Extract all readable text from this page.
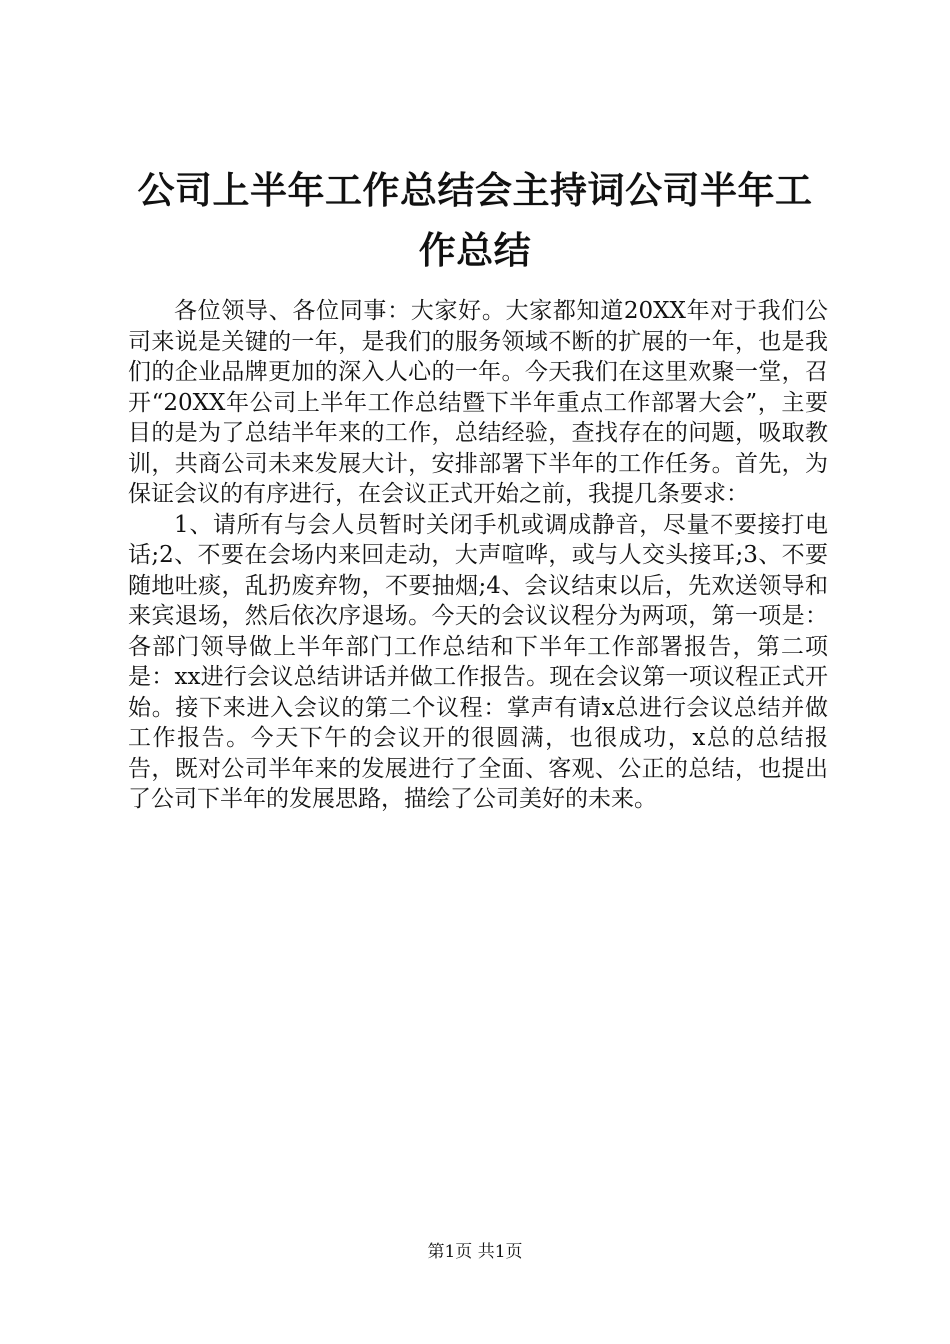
公司上半年工作总结会主持词公司半年工作总结

各位领导、各位同事：大家好。大家都知道20XX年对于我们公司来说是关键的一年，是我们的服务领域不断的扩展的一年，也是我们的企业品牌更加的深入人心的一年。今天我们在这里欢聚一堂，召开“20XX年公司上半年工作总结暨下半年重点工作部署大会”，主要目的是为了总结半年来的工作，总结经验，查找存在的问题，吸取教训，共商公司未来发展大计，安排部署下半年的工作任务。首先，为保证会议的有序进行，在会议正式开始之前，我提几条要求：

1、请所有与会人员暂时关闭手机或调成静音，尽量不要接打电话;2、不要在会场内来回走动，大声喧哗，或与人交头接耳;3、不要随地吐痰，乱扔废弃物，不要抽烟;4、会议结束以后，先欢送领导和来宾退场，然后依次序退场。今天的会议议程分为两项，第一项是：各部门领导做上半年部门工作总结和下半年工作部署报告，第二项是：xx进行会议总结讲话并做工作报告。现在会议第一项议程正式开始。接下来进入会议的第二个议程：掌声有请x总进行会议总结并做工作报告。今天下午的会议开的很圆满，也很成功，x总的总结报告，既对公司半年来的发展进行了全面、客观、公正的总结，也提出了公司下半年的发展思路，描绘了公司美好的未来。

第1页 共1页
